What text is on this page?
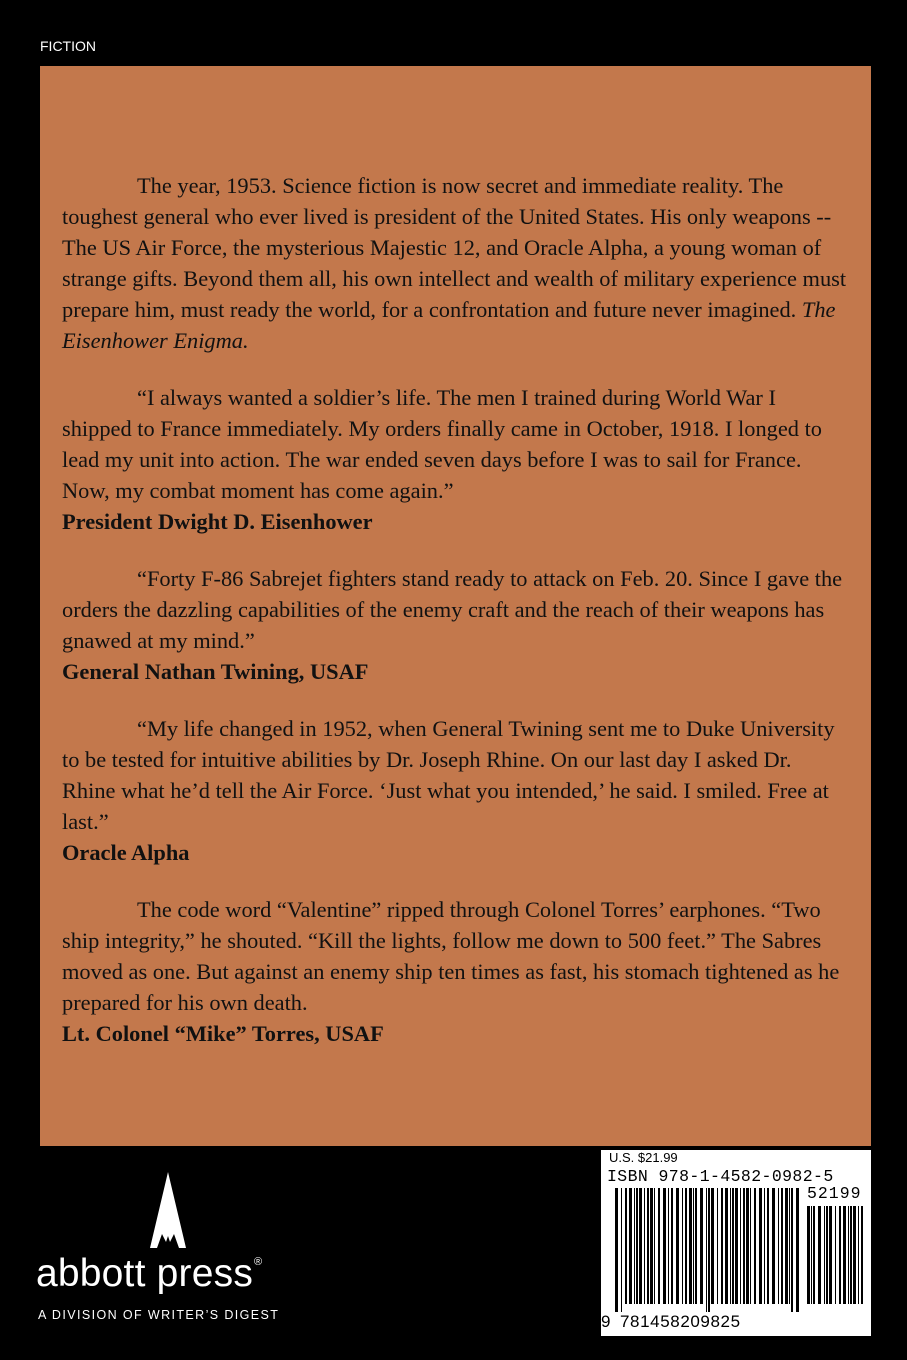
FICTION

The year, 1953. Science fiction is now secret and immediate reality. The toughest general who ever lived is president of the United States. His only weapons --The US Air Force, the mysterious Majestic 12, and Oracle Alpha, a young woman of strange gifts. Beyond them all, his own intellect and wealth of military experience must prepare him, must ready the world, for a confrontation and future never imagined. The Eisenhower Enigma.

“I always wanted a soldier’s life. The men I trained during World War I shipped to France immediately. My orders finally came in October, 1918. I longed to lead my unit into action. The war ended seven days before I was to sail for France. Now, my combat moment has come again.”
President Dwight D. Eisenhower

“Forty F-86 Sabrejet fighters stand ready to attack on Feb. 20. Since I gave the orders the dazzling capabilities of the enemy craft and the reach of their weapons has gnawed at my mind.”
General Nathan Twining, USAF

“My life changed in 1952, when General Twining sent me to Duke University to be tested for intuitive abilities by Dr. Joseph Rhine. On our last day I asked Dr. Rhine what he’d tell the Air Force. ‘Just what you intended,’ he said. I smiled. Free at last.”
Oracle Alpha

The code word “Valentine” ripped through Colonel Torres’ earphones. “Two ship integrity,” he shouted. “Kill the lights, follow me down to 500 feet.” The Sabres moved as one. But against an enemy ship ten times as fast, his stomach tightened as he prepared for his own death.
Lt. Colonel “Mike” Torres, USAF

abbott press®
A DIVISION OF WRITER’S DIGEST
U.S. $21.99
ISBN 978-1-4582-0982-5
52199
9 781458209825
